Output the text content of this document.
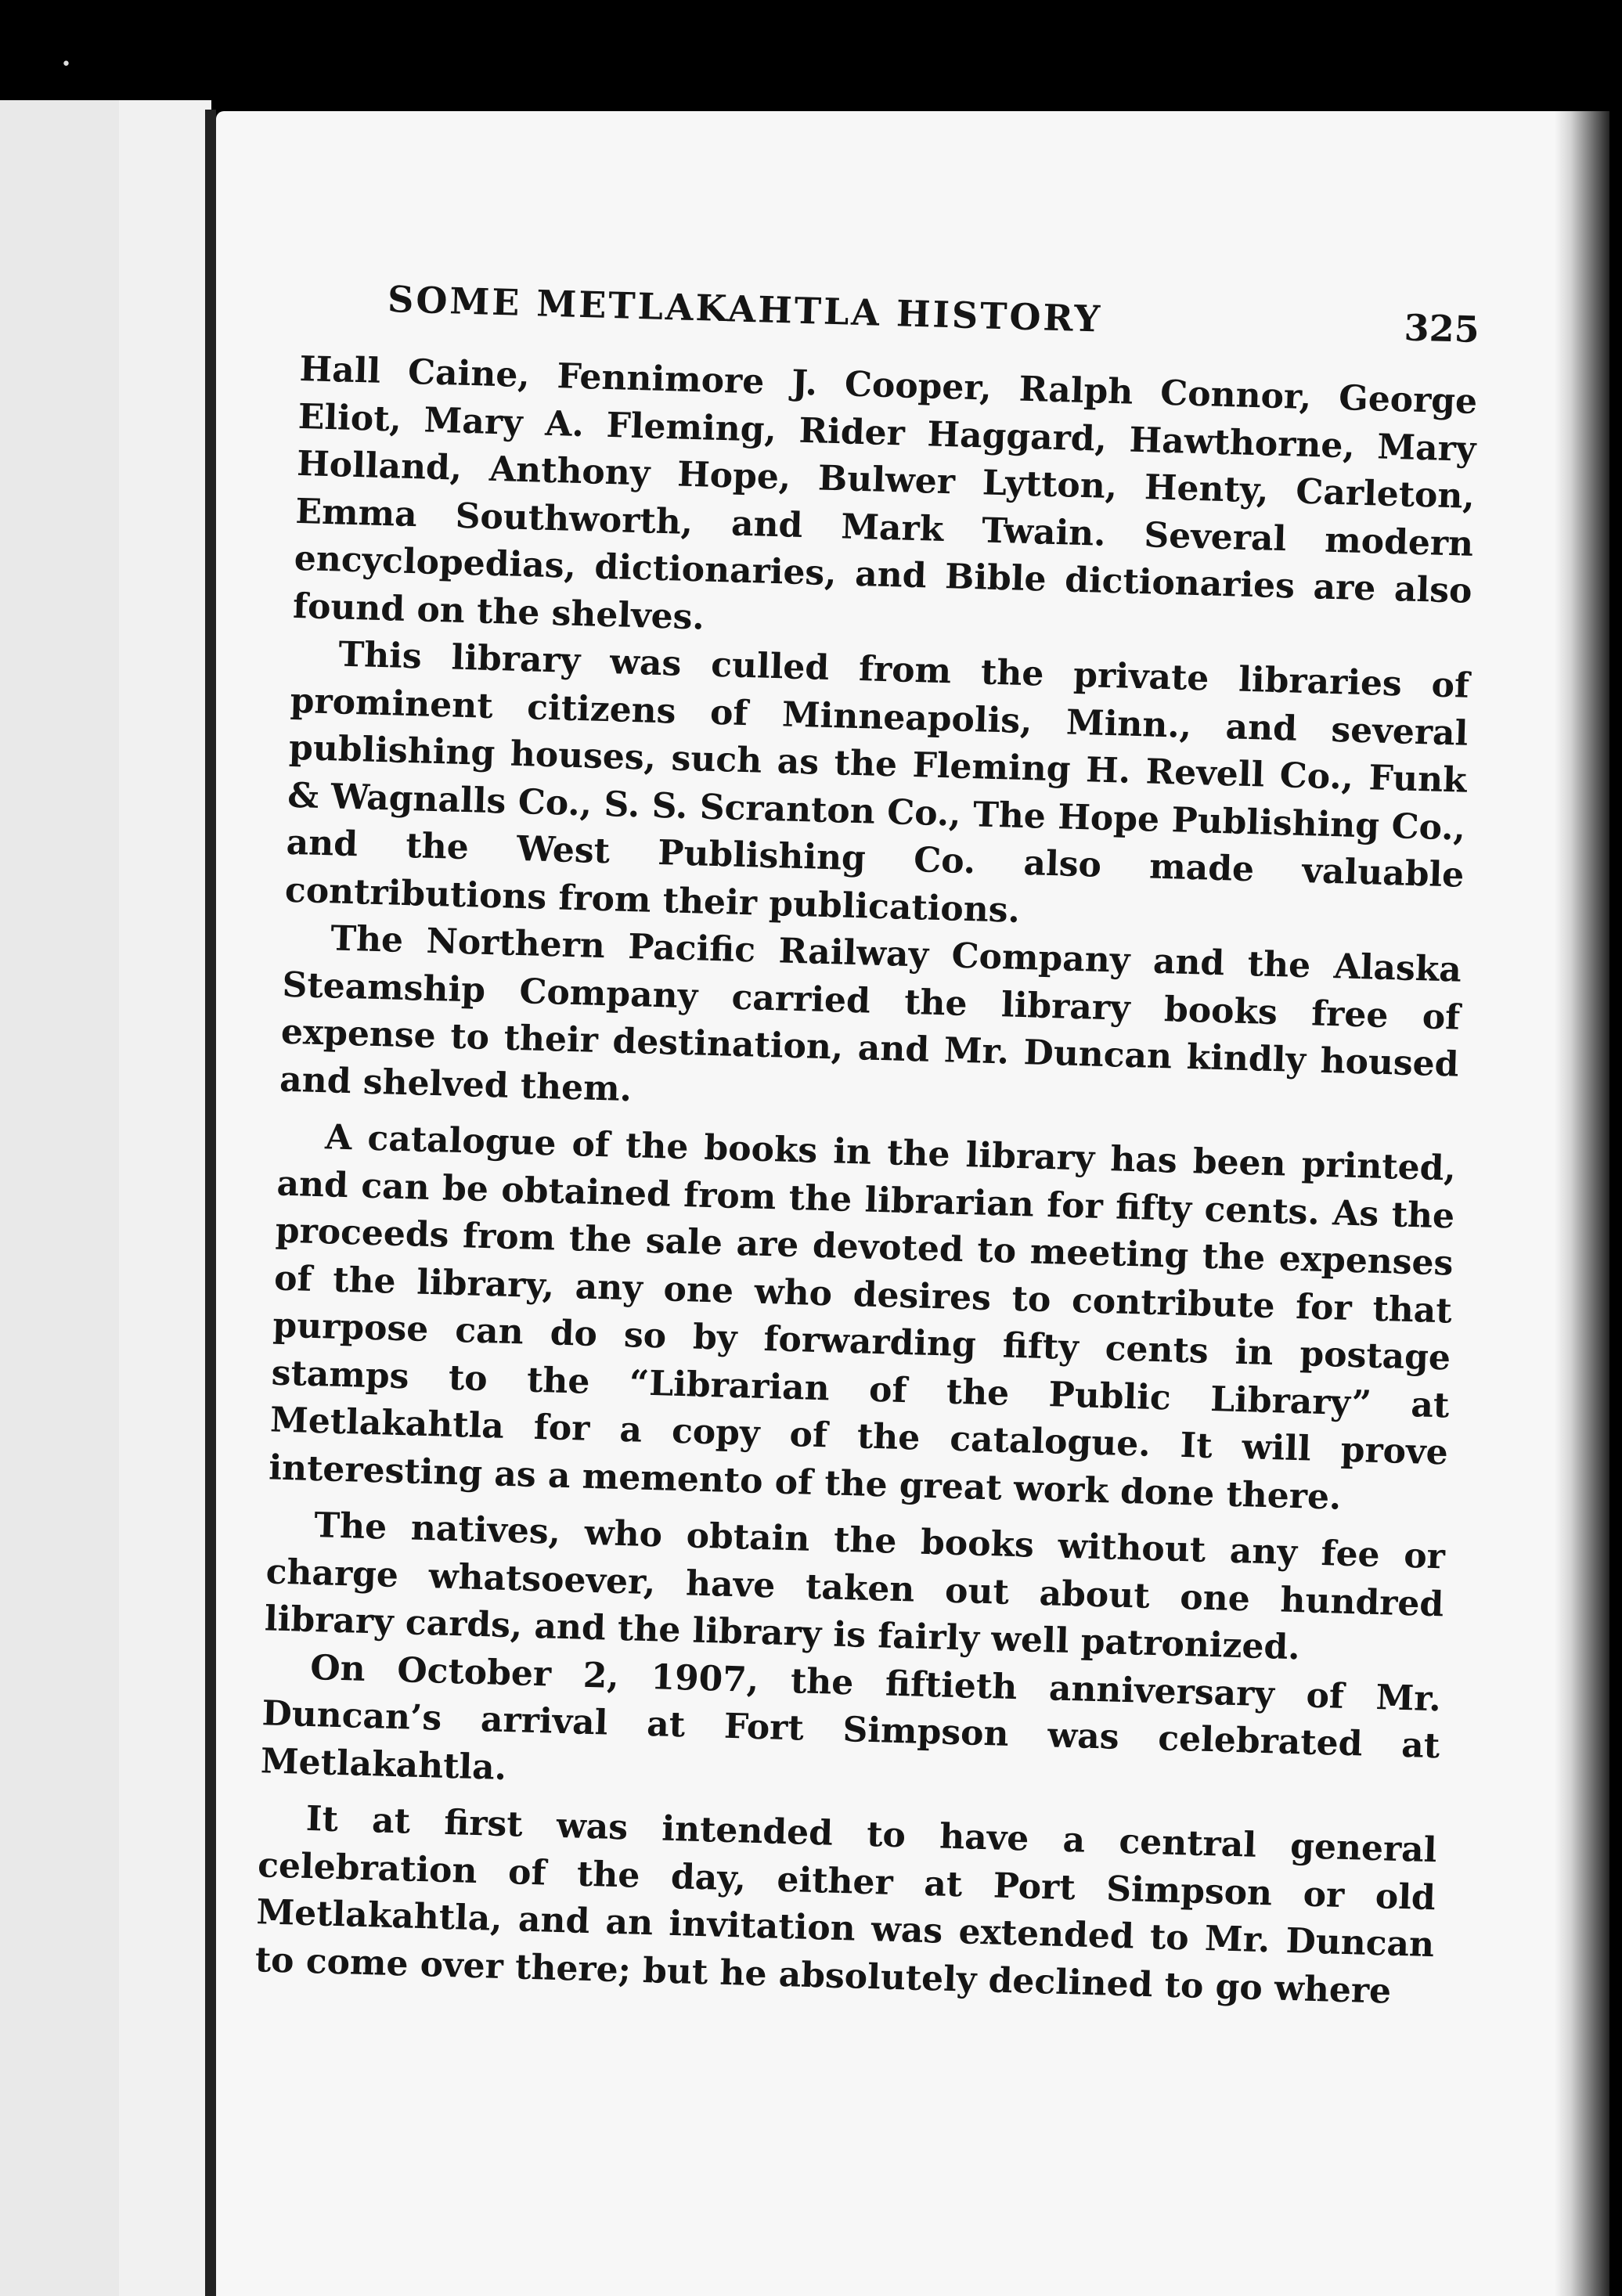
•
SOME METLAKAHTLA HISTORY	325

Hall Caine, Fennimore J. Cooper, Ralph Connor, George Eliot, Mary A. Fleming, Rider Haggard, Hawthorne, Mary Holland, Anthony Hope, Bulwer Lytton, Henty, Carleton, Emma Southworth, and Mark Twain. Several modern encyclopedias, dictionaries, and Bible dictionaries are also found on the shelves.

This library was culled from the private libraries of prominent citizens of Minneapolis, Minn., and several publishing houses, such as the Fleming H. Revell Co., Funk & Wagnalls Co., S. S. Scranton Co., The Hope Publishing Co., and the West Publishing Co. also made valuable contributions from their publications.

The Northern Pacific Railway Company and the Alaska Steamship Company carried the library books free of expense to their destination, and Mr. Duncan kindly housed and shelved them.

A catalogue of the books in the library has been printed, and can be obtained from the librarian for fifty cents. As the proceeds from the sale are devoted to meeting the expenses of the library, any one who desires to contribute for that purpose can do so by forwarding fifty cents in postage stamps to the “Librarian of the Public Library” at Metlakahtla for a copy of the catalogue. It will prove interesting as a memento of the great work done there.

The natives, who obtain the books without any fee or charge whatsoever, have taken out about one hundred library cards, and the library is fairly well patronized.

On October 2, 1907, the fiftieth anniversary of Mr. Duncan’s arrival at Fort Simpson was celebrated at Metlakahtla.

It at first was intended to have a central general celebration of the day, either at Port Simpson or old Metlakahtla, and an invitation was extended to Mr. Duncan to come over there; but he absolutely declined to go where
